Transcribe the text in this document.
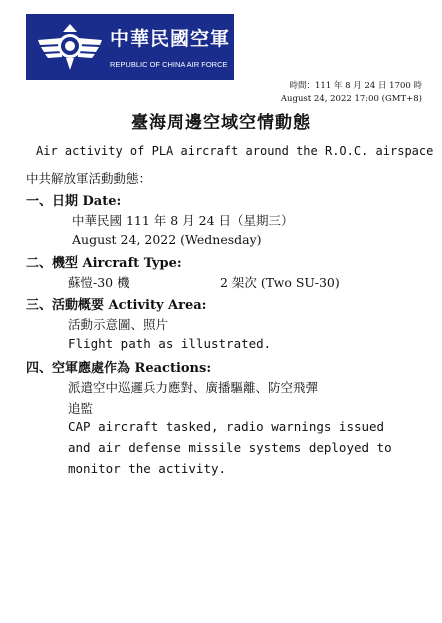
中華民國空軍
REPUBLIC OF CHINA AIR FORCE
時間：111 年 8 月 24 日 1700 時
August 24, 2022 17:00 (GMT+8)
臺海周邊空域空情動態
Air activity of PLA aircraft around the R.O.C. airspace
中共解放軍活動動態：
一、日期 Date:
中華民國 111 年 8 月 24 日（星期三）
August 24, 2022 (Wednesday)
二、機型 Aircraft Type:
蘇愷-30 機	2 架次 (Two SU-30)
三、活動概要 Activity Area:
活動示意圖、照片
Flight path as illustrated.
四、空軍應處作為 Reactions:
派遣空中巡邏兵力應對、廣播驅離、防空飛彈
追監
CAP aircraft tasked, radio warnings issued
and air defense missile systems deployed to
monitor the activity.
